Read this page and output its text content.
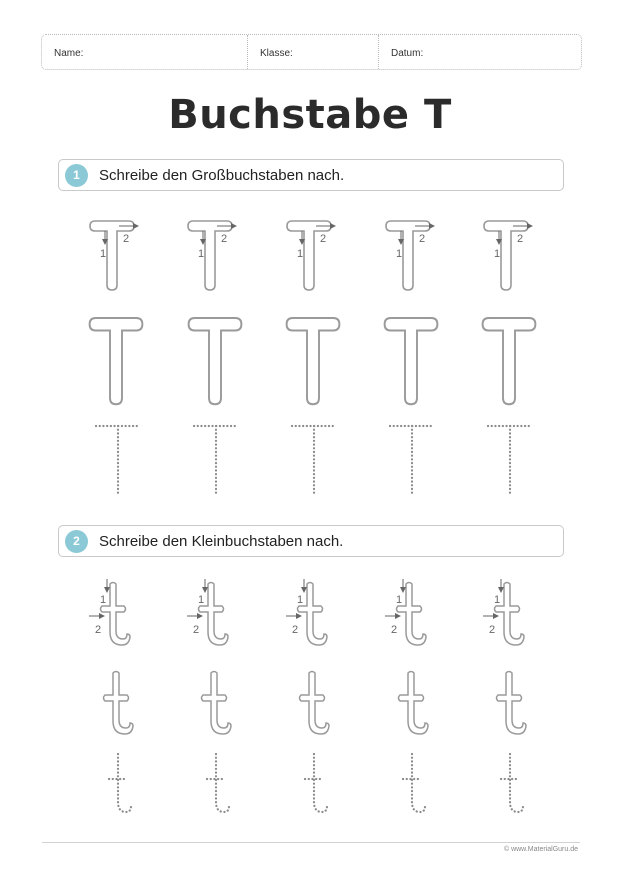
Name:	Klasse:	Datum:
Buchstabe T
1	Schreibe den Großbuchstaben nach.
2	Schreibe den Kleinbuchstaben nach.
1
2
1
2
1
2
1
2
1
2
1
2
1
2
1
2
1
2
1
2
© www.MaterialGuru.de
